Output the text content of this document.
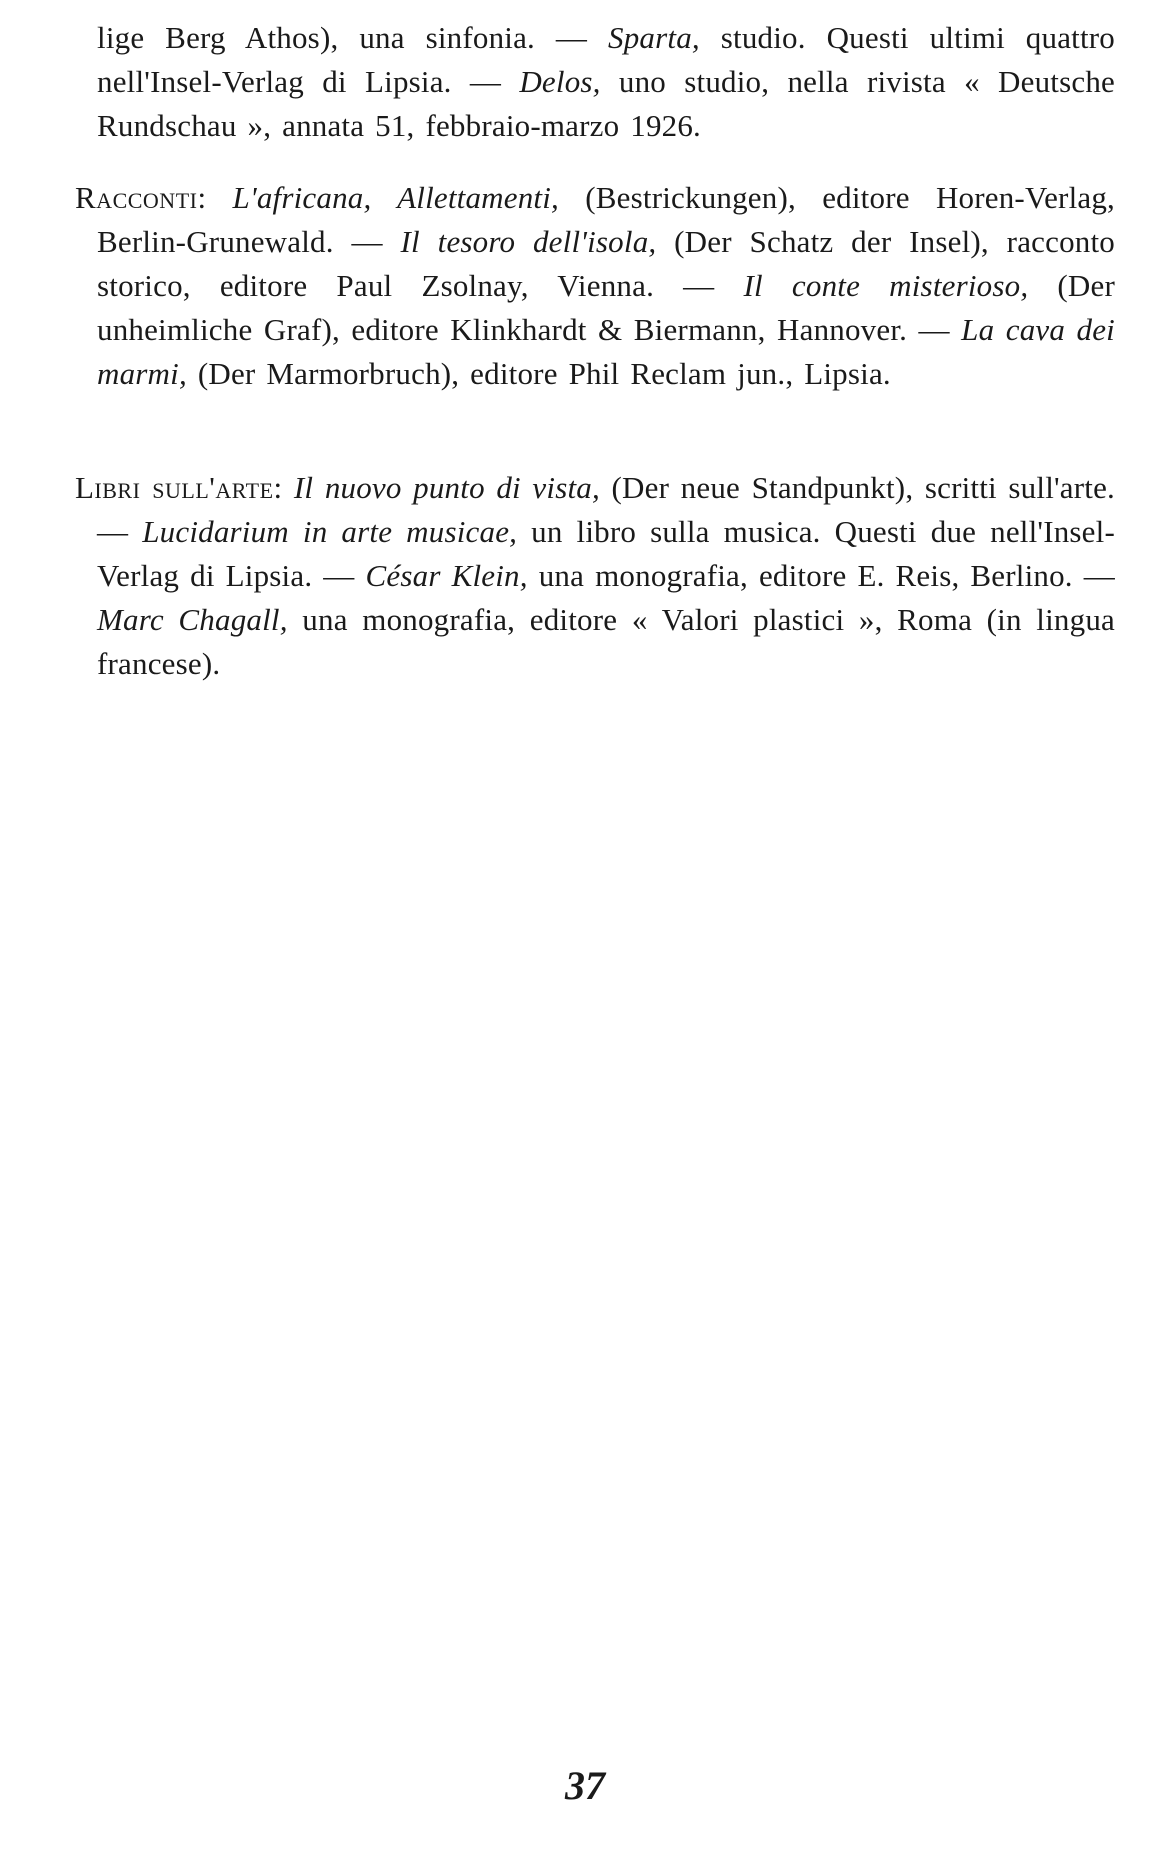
lige Berg Athos), una sinfonia. — Sparta, studio. Questi ultimi quattro nell'Insel-Verlag di Lipsia. — Delos, uno studio, nella rivista « Deutsche Rundschau », annata 51, febbraio-marzo 1926.

Racconti: L'africana, Allettamenti, (Bestrickungen), editore Horen-Verlag, Berlin-Grunewald. — Il tesoro dell'isola, (Der Schatz der Insel), racconto storico, editore Paul Zsolnay, Vienna. — Il conte misterioso, (Der unheimliche Graf), editore Klinkhardt & Biermann, Hannover. — La cava dei marmi, (Der Marmorbruch), editore Phil Reclam jun., Lipsia.

Libri sull'arte: Il nuovo punto di vista, (Der neue Standpunkt), scritti sull'arte. — Lucidarium in arte musicae, un libro sulla musica. Questi due nell'Insel-Verlag di Lipsia. — César Klein, una monografia, editore E. Reis, Berlino. — Marc Chagall, una monografia, editore « Valori plastici », Roma (in lingua francese).

37
